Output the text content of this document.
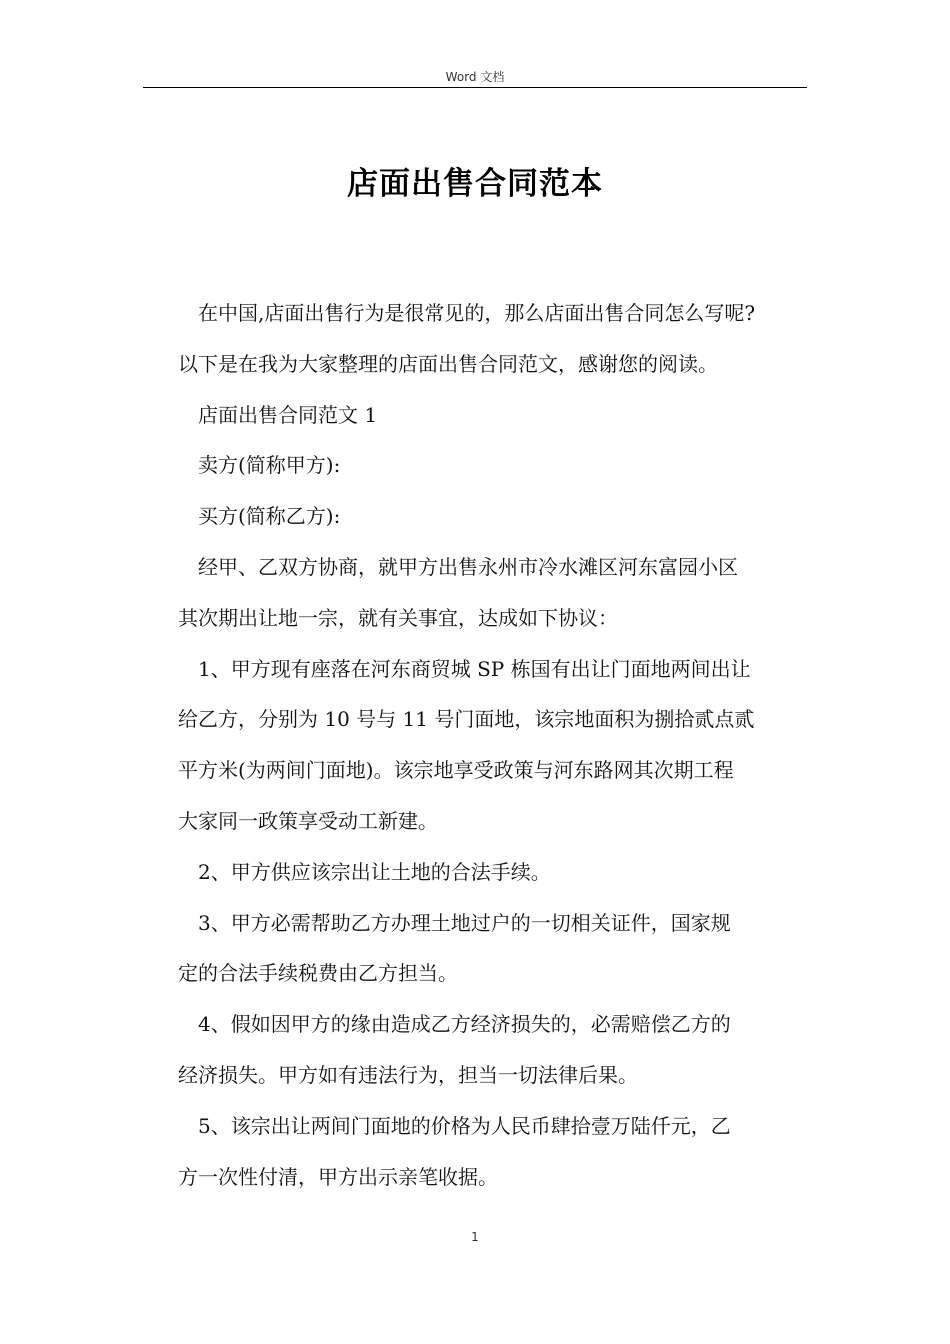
Word 文档
店面出售合同范本

在中国,店面出售行为是很常见的，那么店面出售合同怎么写呢?

以下是在我为大家整理的店面出售合同范文，感谢您的阅读。

店面出售合同范文 1

卖方(简称甲方):

买方(简称乙方):

经甲、乙双方协商，就甲方出售永州市冷水滩区河东富园小区

其次期出让地一宗，就有关事宜，达成如下协议：

1、甲方现有座落在河东商贸城 SP 栋国有出让门面地两间出让

给乙方，分别为 10 号与 11 号门面地，该宗地面积为捌拾贰点贰

平方米(为两间门面地)。该宗地享受政策与河东路网其次期工程

大家同一政策享受动工新建。

2、甲方供应该宗出让土地的合法手续。

3、甲方必需帮助乙方办理土地过户的一切相关证件，国家规

定的合法手续税费由乙方担当。

4、假如因甲方的缘由造成乙方经济损失的，必需赔偿乙方的

经济损失。甲方如有违法行为，担当一切法律后果。

5、该宗出让两间门面地的价格为人民币肆拾壹万陆仟元，乙

方一次性付清，甲方出示亲笔收据。

1
